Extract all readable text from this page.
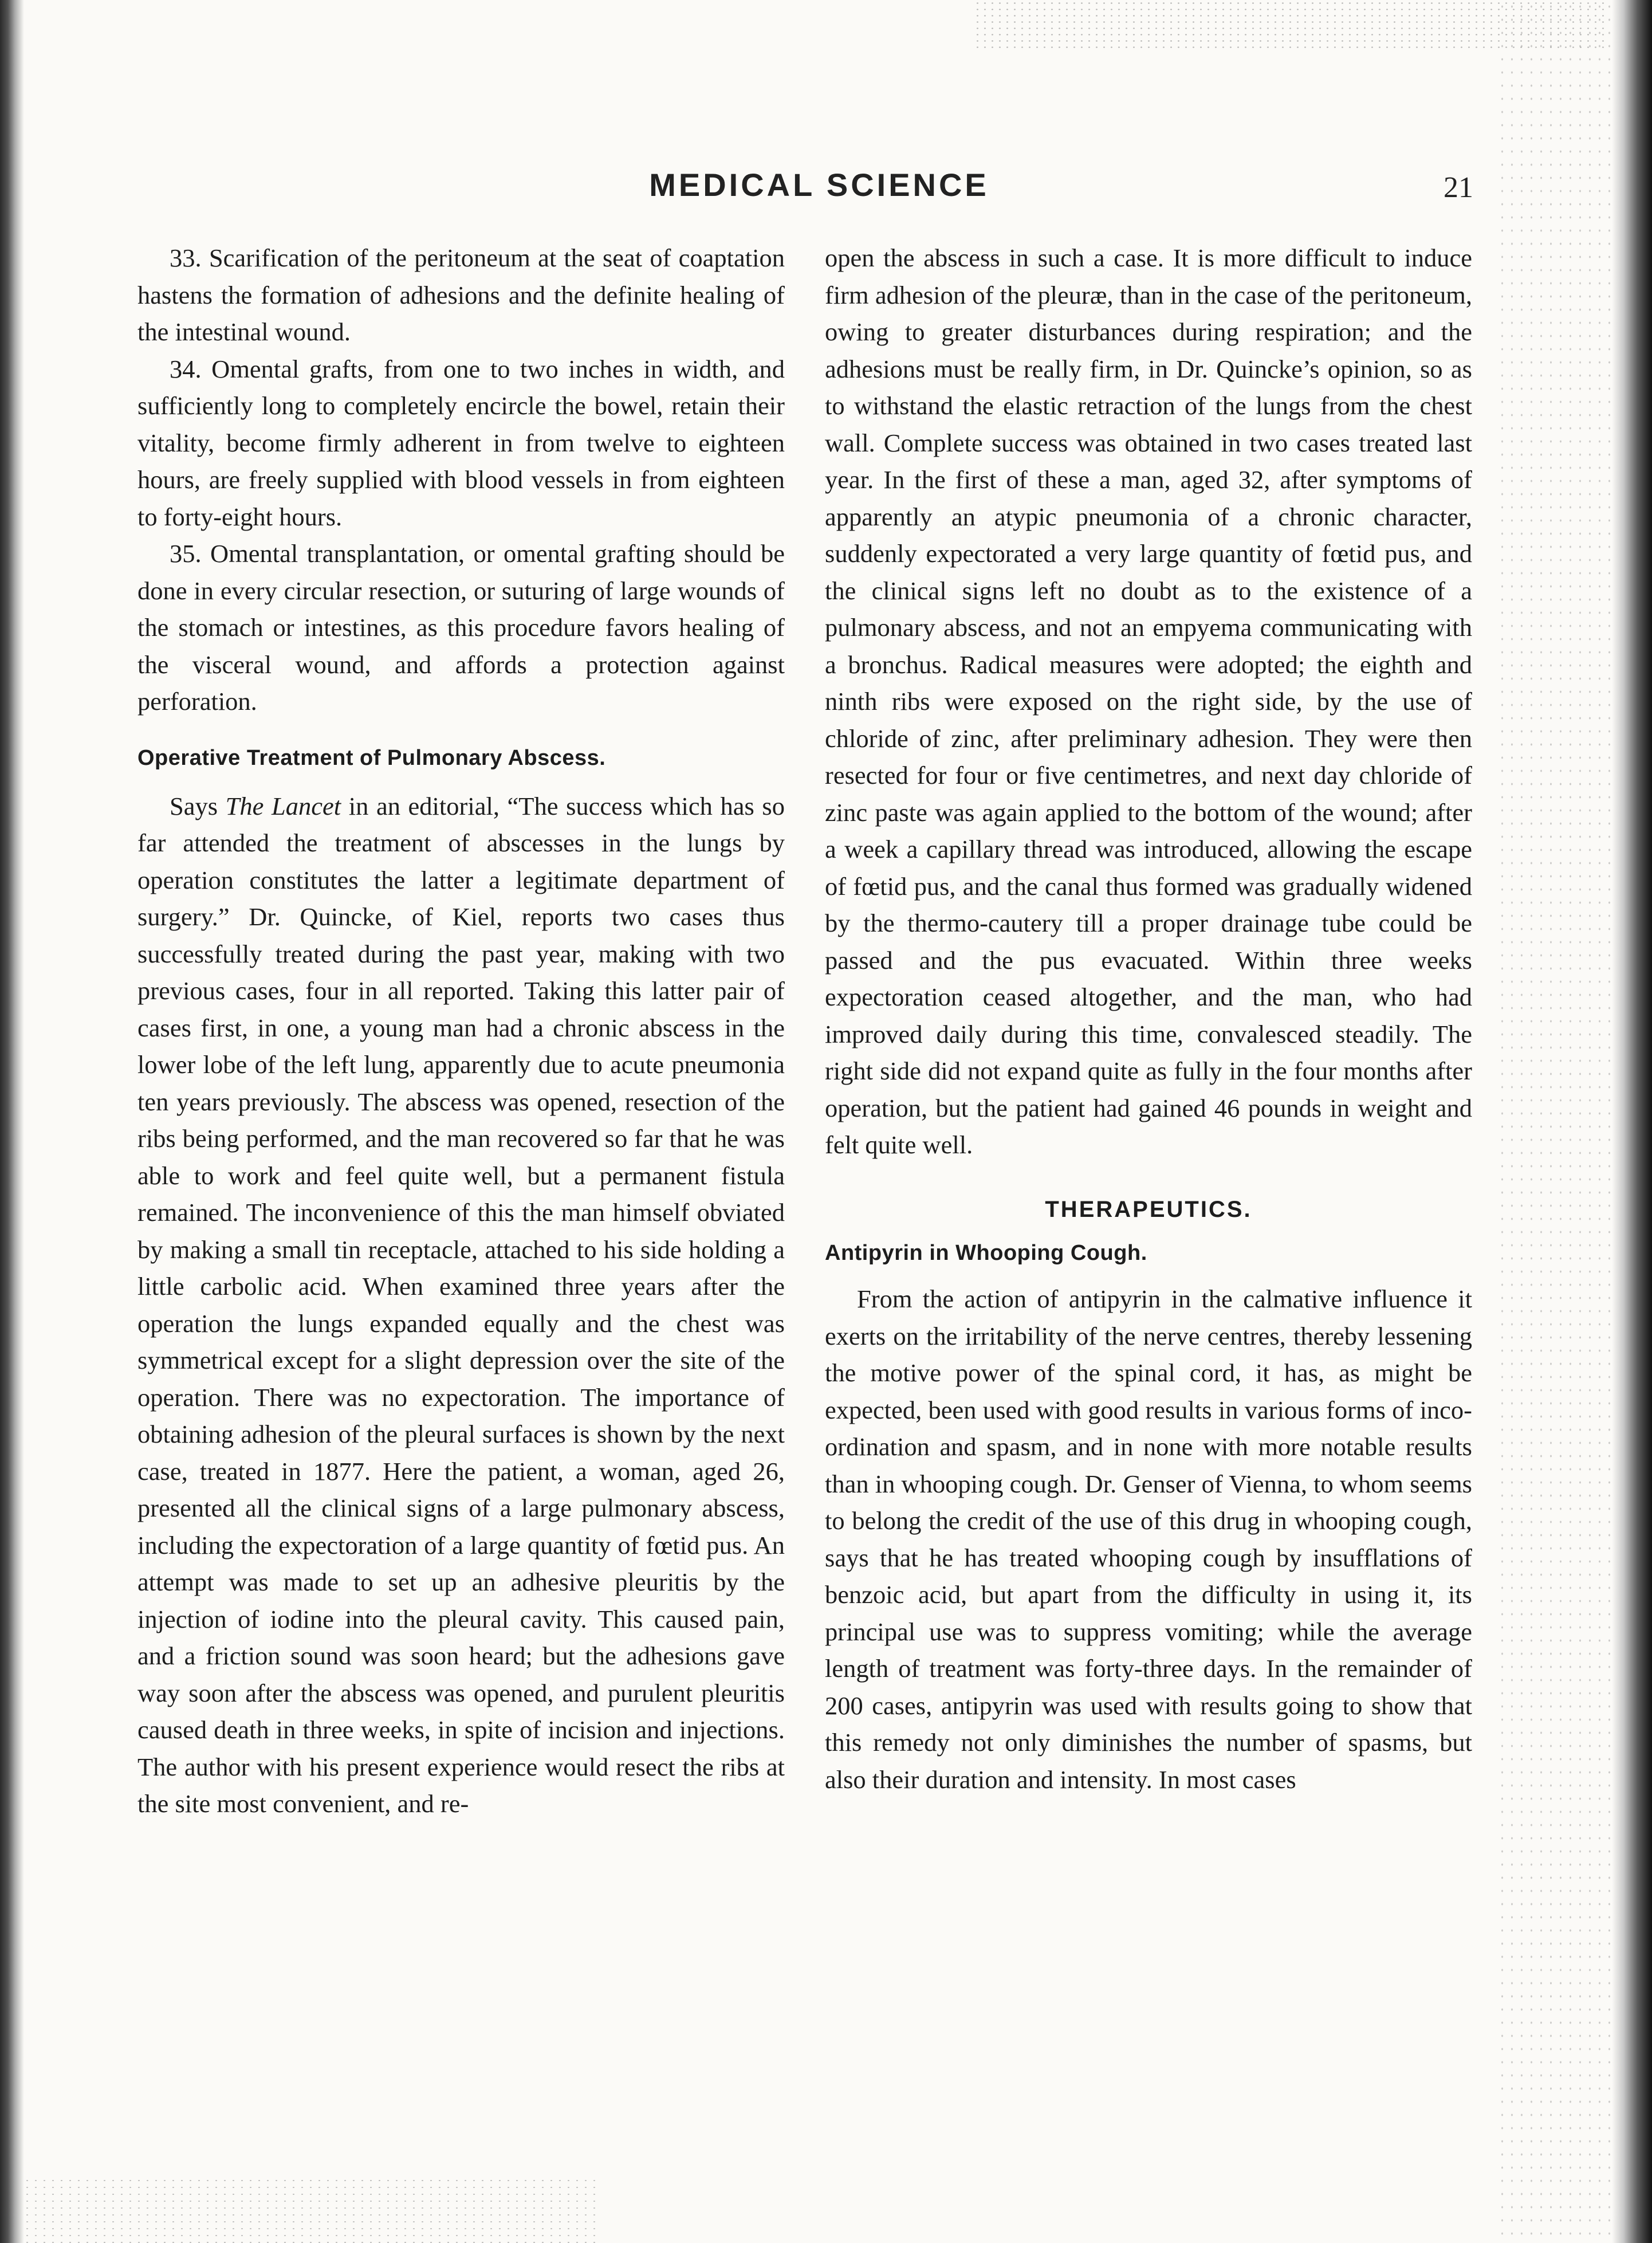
MEDICAL SCIENCE	21

33. Scarification of the peritoneum at the seat of coaptation hastens the formation of adhesions and the definite healing of the intestinal wound.

34. Omental grafts, from one to two inches in width, and sufficiently long to completely encircle the bowel, retain their vitality, become firmly adherent in from twelve to eighteen hours, are freely supplied with blood vessels in from eighteen to forty-eight hours.

35. Omental transplantation, or omental grafting should be done in every circular resection, or suturing of large wounds of the stomach or intestines, as this procedure favors healing of the visceral wound, and affords a protection against perforation.

Operative Treatment of Pulmonary Abscess.

Says The Lancet in an editorial, “The success which has so far attended the treatment of abscesses in the lungs by operation constitutes the latter a legitimate department of surgery.” Dr. Quincke, of Kiel, reports two cases thus successfully treated during the past year, making with two previous cases, four in all reported. Taking this latter pair of cases first, in one, a young man had a chronic abscess in the lower lobe of the left lung, apparently due to acute pneumonia ten years previously. The abscess was opened, resection of the ribs being performed, and the man recovered so far that he was able to work and feel quite well, but a permanent fistula remained. The inconvenience of this the man himself obviated by making a small tin receptacle, attached to his side holding a little carbolic acid. When examined three years after the operation the lungs expanded equally and the chest was symmetrical except for a slight depression over the site of the operation. There was no expectoration. The importance of obtaining adhesion of the pleural surfaces is shown by the next case, treated in 1877. Here the patient, a woman, aged 26, presented all the clinical signs of a large pulmonary abscess, including the expectoration of a large quantity of fœtid pus. An attempt was made to set up an adhesive pleuritis by the injection of iodine into the pleural cavity. This caused pain, and a friction sound was soon heard; but the adhesions gave way soon after the abscess was opened, and purulent pleuritis caused death in three weeks, in spite of incision and injections. The author with his present experience would resect the ribs at the site most convenient, and re-

open the abscess in such a case. It is more difficult to induce firm adhesion of the pleuræ, than in the case of the peritoneum, owing to greater disturbances during respiration; and the adhesions must be really firm, in Dr. Quincke’s opinion, so as to withstand the elastic retraction of the lungs from the chest wall. Complete success was obtained in two cases treated last year. In the first of these a man, aged 32, after symptoms of apparently an atypic pneumonia of a chronic character, suddenly expectorated a very large quantity of fœtid pus, and the clinical signs left no doubt as to the existence of a pulmonary abscess, and not an empyema communicating with a bronchus. Radical measures were adopted; the eighth and ninth ribs were exposed on the right side, by the use of chloride of zinc, after preliminary adhesion. They were then resected for four or five centimetres, and next day chloride of zinc paste was again applied to the bottom of the wound; after a week a capillary thread was introduced, allowing the escape of fœtid pus, and the canal thus formed was gradually widened by the thermo-cautery till a proper drainage tube could be passed and the pus evacuated. Within three weeks expectoration ceased altogether, and the man, who had improved daily during this time, convalesced steadily. The right side did not expand quite as fully in the four months after operation, but the patient had gained 46 pounds in weight and felt quite well.

THERAPEUTICS.
Antipyrin in Whooping Cough.

From the action of antipyrin in the calmative influence it exerts on the irritability of the nerve centres, thereby lessening the motive power of the spinal cord, it has, as might be expected, been used with good results in various forms of inco-ordination and spasm, and in none with more notable results than in whooping cough. Dr. Genser of Vienna, to whom seems to belong the credit of the use of this drug in whooping cough, says that he has treated whooping cough by insufflations of benzoic acid, but apart from the difficulty in using it, its principal use was to suppress vomiting; while the average length of treatment was forty-three days. In the remainder of 200 cases, antipyrin was used with results going to show that this remedy not only diminishes the number of spasms, but also their duration and intensity. In most cases
